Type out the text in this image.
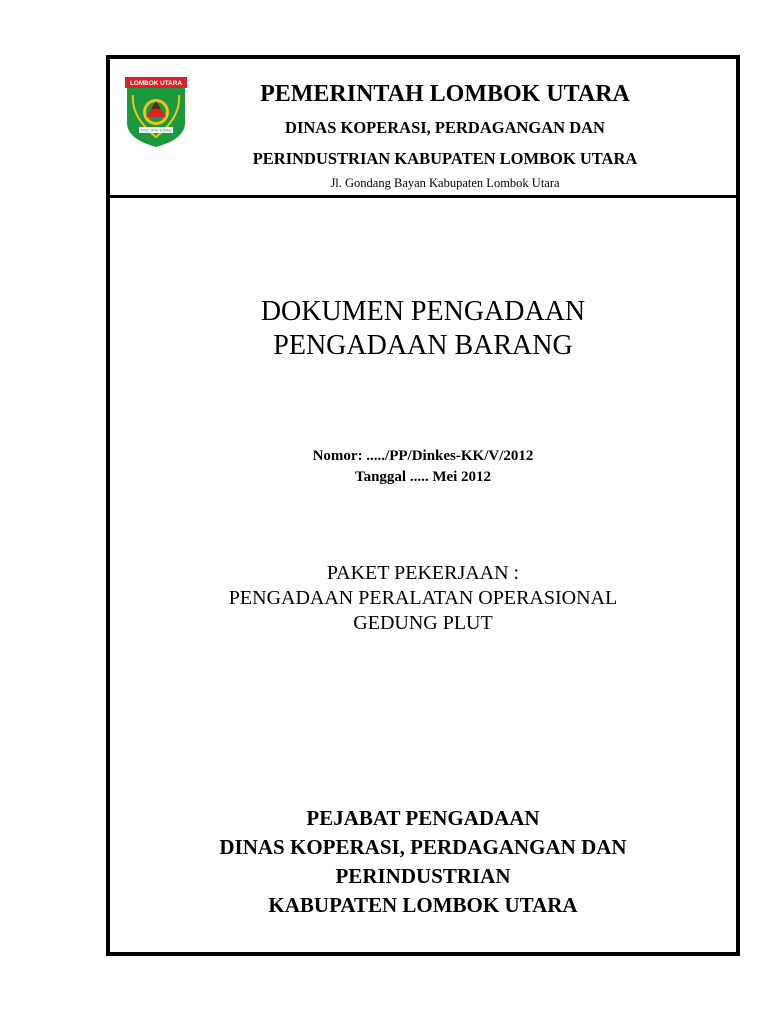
LOMBOK UTARA
TIOQ TATA TUNAQ
PEMERINTAH LOMBOK UTARA
DINAS KOPERASI, PERDAGANGAN DAN
PERINDUSTRIAN KABUPATEN LOMBOK UTARA
Jl. Gondang Bayan Kabupaten Lombok Utara
DOKUMEN PENGADAAN
PENGADAAN BARANG
Nomor: ...../PP/Dinkes-KK/V/2012
Tanggal ..... Mei 2012
PAKET PEKERJAAN :
PENGADAAN PERALATAN OPERASIONAL
GEDUNG PLUT
PEJABAT PENGADAAN
DINAS KOPERASI, PERDAGANGAN DAN
PERINDUSTRIAN
KABUPATEN LOMBOK UTARA
